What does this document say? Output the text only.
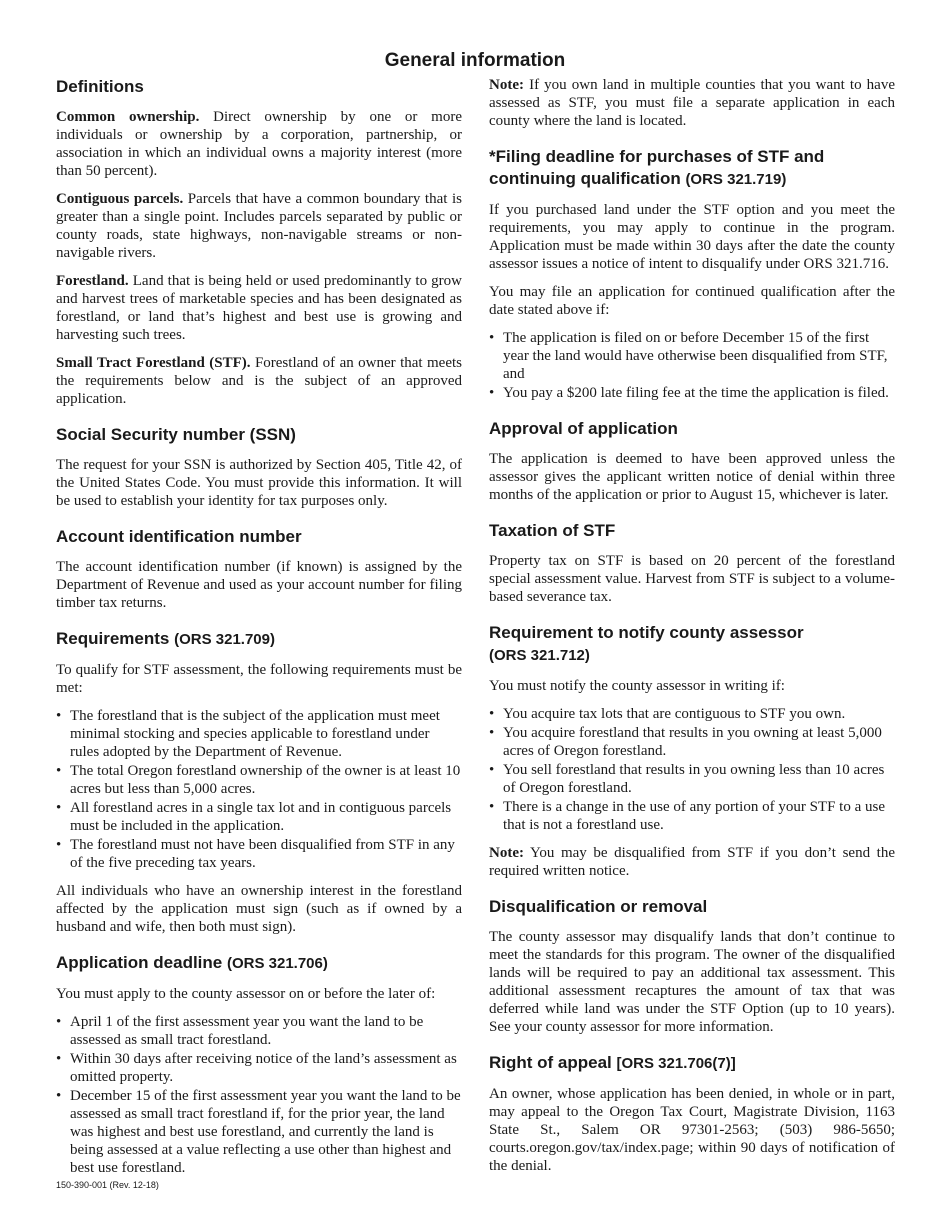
General information
Definitions

Common ownership. Direct ownership by one or more individuals or ownership by a corporation, partnership, or association in which an individual owns a majority interest (more than 50 percent).

Contiguous parcels. Parcels that have a common boundary that is greater than a single point. Includes parcels separated by public or county roads, state highways, non-navigable streams or non-navigable rivers.

Forestland. Land that is being held or used predominantly to grow and harvest trees of marketable species and has been designated as forestland, or land that’s highest and best use is growing and harvesting such trees.

Small Tract Forestland (STF). Forestland of an owner that meets the requirements below and is the subject of an approved application.

Social Security number (SSN)

The request for your SSN is authorized by Section 405, Title 42, of the United States Code. You must provide this information. It will be used to establish your identity for tax purposes only.

Account identification number

The account identification number (if known) is assigned by the Department of Revenue and used as your account number for filing timber tax returns.

Requirements (ORS 321.709)

To qualify for STF assessment, the following requirements must be met:

• The forestland that is the subject of the application must meet minimal stocking and species applicable to forestland under rules adopted by the Department of Revenue.
• The total Oregon forestland ownership of the owner is at least 10 acres but less than 5,000 acres.
• All forestland acres in a single tax lot and in contiguous parcels must be included in the application.
• The forestland must not have been disqualified from STF in any of the five preceding tax years.

All individuals who have an ownership interest in the forestland affected by the application must sign (such as if owned by a husband and wife, then both must sign).

Application deadline (ORS 321.706)

You must apply to the county assessor on or before the later of:

• April 1 of the first assessment year you want the land to be assessed as small tract forestland.
• Within 30 days after receiving notice of the land’s assessment as omitted property.
• December 15 of the first assessment year you want the land to be assessed as small tract forestland if, for the prior year, the land was highest and best use forestland, and currently the land is being assessed at a value reflecting a use other than highest and best use forestland.

Note: If you own land in multiple counties that you want to have assessed as STF, you must file a separate application in each county where the land is located.

*Filing deadline for purchases of STF and continuing qualification (ORS 321.719)

If you purchased land under the STF option and you meet the requirements, you may apply to continue in the program. Application must be made within 30 days after the date the county assessor issues a notice of intent to disqualify under ORS 321.716.

You may file an application for continued qualification after the date stated above if:

• The application is filed on or before December 15 of the first year the land would have otherwise been disqualified from STF, and
• You pay a $200 late filing fee at the time the application is filed.
Approval of application

The application is deemed to have been approved unless the assessor gives the applicant written notice of denial within three months of the application or prior to August 15, whichever is later.

Taxation of STF

Property tax on STF is based on 20 percent of the forestland special assessment value. Harvest from STF is subject to a volume-based severance tax.

Requirement to notify county assessor
(ORS 321.712)

You must notify the county assessor in writing if:

• You acquire tax lots that are contiguous to STF you own.
• You acquire forestland that results in you owning at least 5,000 acres of Oregon forestland.
• You sell forestland that results in you owning less than 10 acres of Oregon forestland.
• There is a change in the use of any portion of your STF to a use that is not a forestland use.

Note: You may be disqualified from STF if you don’t send the required written notice.

Disqualification or removal

The county assessor may disqualify lands that don’t continue to meet the standards for this program. The owner of the disqualified lands will be required to pay an additional tax assessment. This additional assessment recaptures the amount of tax that was deferred while land was under the STF Option (up to 10 years). See your county assessor for more information.

Right of appeal [ORS 321.706(7)]

An owner, whose application has been denied, in whole or in part, may appeal to the Oregon Tax Court, Magistrate Division, 1163 State St., Salem OR 97301-2563; (503) 986-5650; courts.oregon.gov/tax/index.page; within 90 days of notification of the denial.

150-390-001 (Rev. 12-18)
